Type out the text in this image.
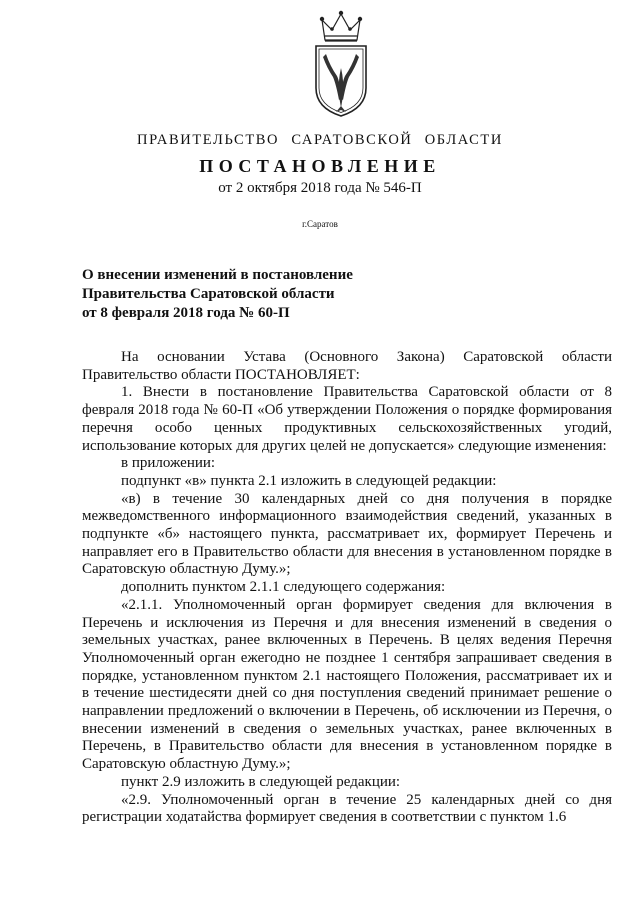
ПРАВИТЕЛЬСТВО САРАТОВСКОЙ ОБЛАСТИ
ПОСТАНОВЛЕНИЕ
от 2 октября 2018 года № 546-П
г.Саратов
О внесении изменений в постановление
Правительства Саратовской области
от 8 февраля 2018 года № 60-П

На основании Устава (Основного Закона) Саратовской области Правительство области ПОСТАНОВЛЯЕТ:

1. Внести в постановление Правительства Саратовской области от 8 февраля 2018 года № 60-П «Об утверждении Положения о порядке формирования перечня особо ценных продуктивных сельскохозяйственных угодий, использование которых для других целей не допускается» следующие изменения:

в приложении:

подпункт «в» пункта 2.1 изложить в следующей редакции:

«в) в течение 30 календарных дней со дня получения в порядке межведомственного информационного взаимодействия сведений, указанных в подпункте «б» настоящего пункта, рассматривает их, формирует Перечень и направляет его в Правительство области для внесения в установленном порядке в Саратовскую областную Думу.»;

дополнить пунктом 2.1.1 следующего содержания:

«2.1.1. Уполномоченный орган формирует сведения для включения в Перечень и исключения из Перечня и для внесения изменений в сведения о земельных участках, ранее включенных в Перечень. В целях ведения Перечня Уполномоченный орган ежегодно не позднее 1 сентября запрашивает сведения в порядке, установленном пунктом 2.1 настоящего Положения, рассматривает их и в течение шестидесяти дней со дня поступления сведений принимает решение о направлении предложений о включении в Перечень, об исключении из Перечня, о внесении изменений в сведения о земельных участках, ранее включенных в Перечень, в Правительство области для внесения в установленном порядке в Саратовскую областную Думу.»;

пункт 2.9 изложить в следующей редакции:

«2.9. Уполномоченный орган в течение 25 календарных дней со дня регистрации ходатайства формирует сведения в соответствии с пунктом 1.6
